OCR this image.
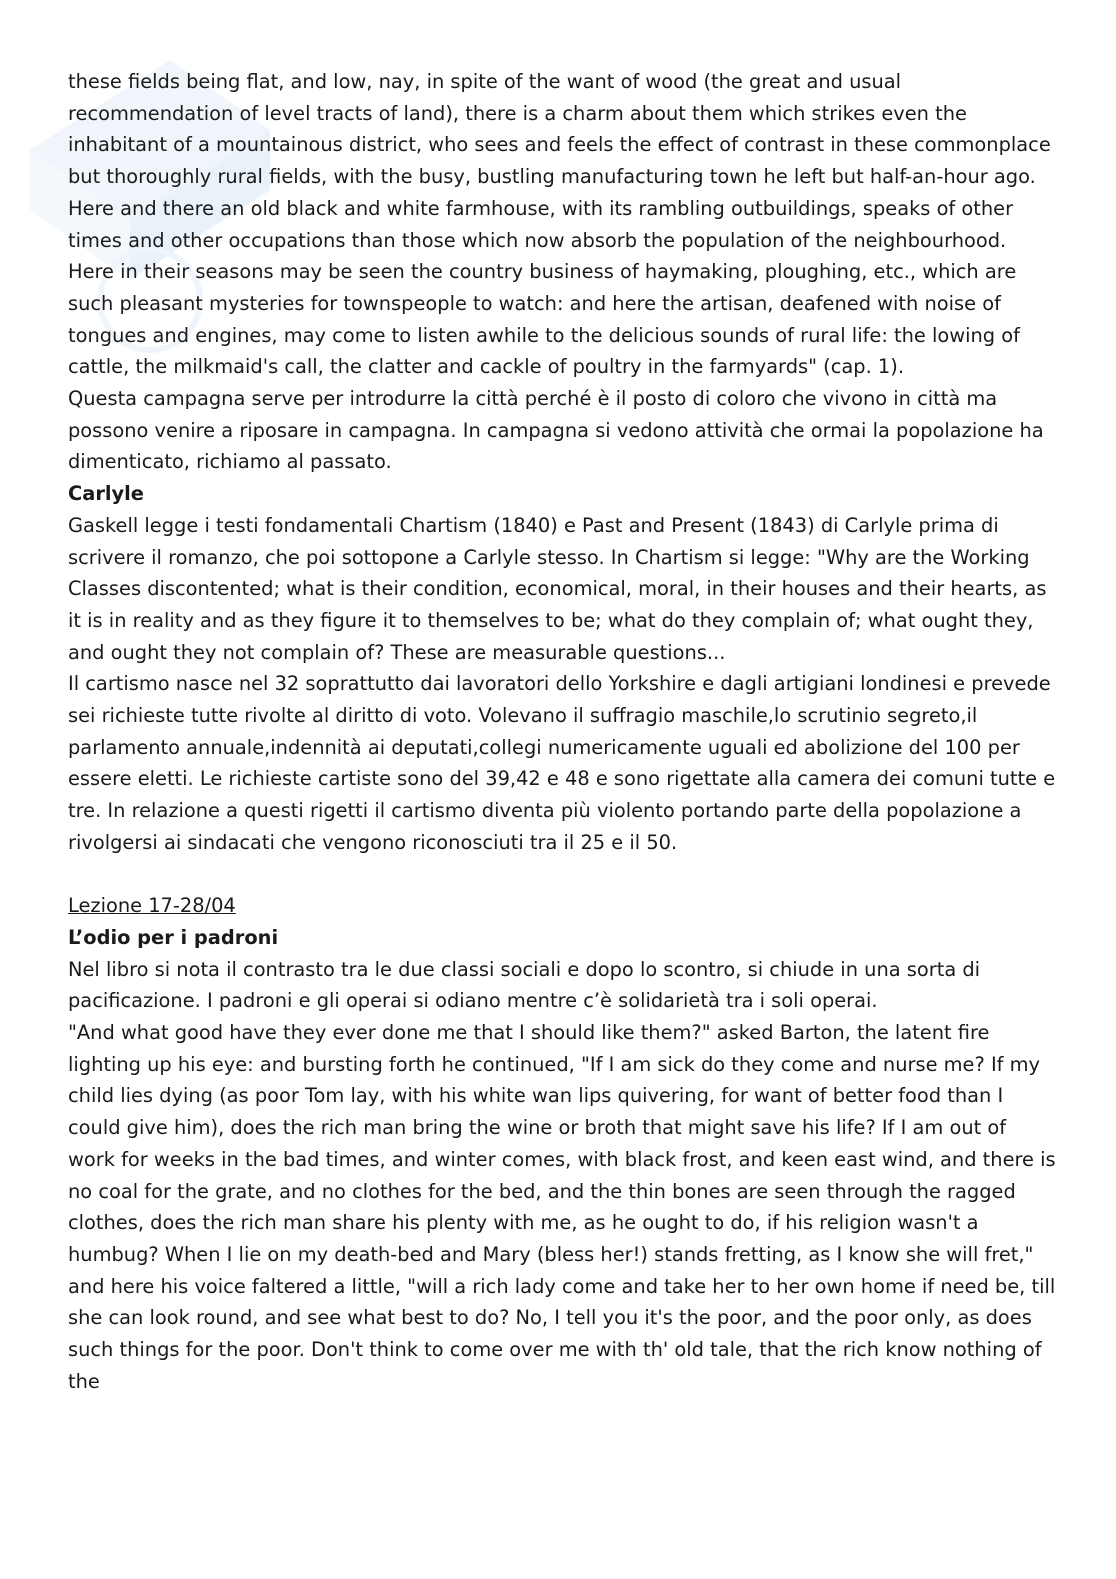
these fields being flat, and low, nay, in spite of the want of wood (the great and usual recommendation of level tracts of land), there is a charm about them which strikes even the inhabitant of a mountainous district, who sees and feels the effect of contrast in these commonplace but thoroughly rural fields, with the busy, bustling manufacturing town he left but half-an-hour ago. Here and there an old black and white farmhouse, with its rambling outbuildings, speaks of other times and other occupations than those which now absorb the population of the neighbourhood. Here in their seasons may be seen the country business of haymaking, ploughing, etc., which are such pleasant mysteries for townspeople to watch: and here the artisan, deafened with noise of tongues and engines, may come to listen awhile to the delicious sounds of rural life: the lowing of cattle, the milkmaid's call, the clatter and cackle of poultry in the farmyards" (cap. 1).

Questa campagna serve per introdurre la città perché è il posto di coloro che vivono in città ma possono venire a riposare in campagna. In campagna si vedono attività che ormai la popolazione ha dimenticato, richiamo al passato.

Carlyle

Gaskell legge i testi fondamentali Chartism (1840) e Past and Present (1843) di Carlyle prima di scrivere il romanzo, che poi sottopone a Carlyle stesso. In Chartism si legge: "Why are the Working Classes discontented; what is their condition, economical, moral, in their houses and their hearts, as it is in reality and as they figure it to themselves to be; what do they complain of; what ought they, and ought they not complain of? These are measurable questions...

Il cartismo nasce nel 32 soprattutto dai lavoratori dello Yorkshire e dagli artigiani londinesi e prevede sei richieste tutte rivolte al diritto di voto. Volevano il suffragio maschile,lo scrutinio segreto,il parlamento annuale,indennità ai deputati,collegi numericamente uguali ed abolizione del 100 per essere eletti. Le richieste cartiste sono del 39,42 e 48 e sono rigettate alla camera dei comuni tutte e tre. In relazione a questi rigetti il cartismo diventa più violento portando parte della popolazione a rivolgersi ai sindacati che vengono riconosciuti tra il 25 e il 50.

Lezione 17-28/04

L’odio per i padroni

Nel libro si nota il contrasto tra le due classi sociali e dopo lo scontro, si chiude in una sorta di pacificazione. I padroni e gli operai si odiano mentre c’è solidarietà tra i soli operai.

"And what good have they ever done me that I should like them?" asked Barton, the latent fire lighting up his eye: and bursting forth he continued, "If I am sick do they come and nurse me? If my child lies dying (as poor Tom lay, with his white wan lips quivering, for want of better food than I could give him), does the rich man bring the wine or broth that might save his life? If I am out of work for weeks in the bad times, and winter comes, with black frost, and keen east wind, and there is no coal for the grate, and no clothes for the bed, and the thin bones are seen through the ragged clothes, does the rich man share his plenty with me, as he ought to do, if his religion wasn't a humbug? When I lie on my death-bed and Mary (bless her!) stands fretting, as I know she will fret," and here his voice faltered a little, "will a rich lady come and take her to her own home if need be, till she can look round, and see what best to do? No, I tell you it's the poor, and the poor only, as does such things for the poor. Don't think to come over me with th' old tale, that the rich know nothing of the
